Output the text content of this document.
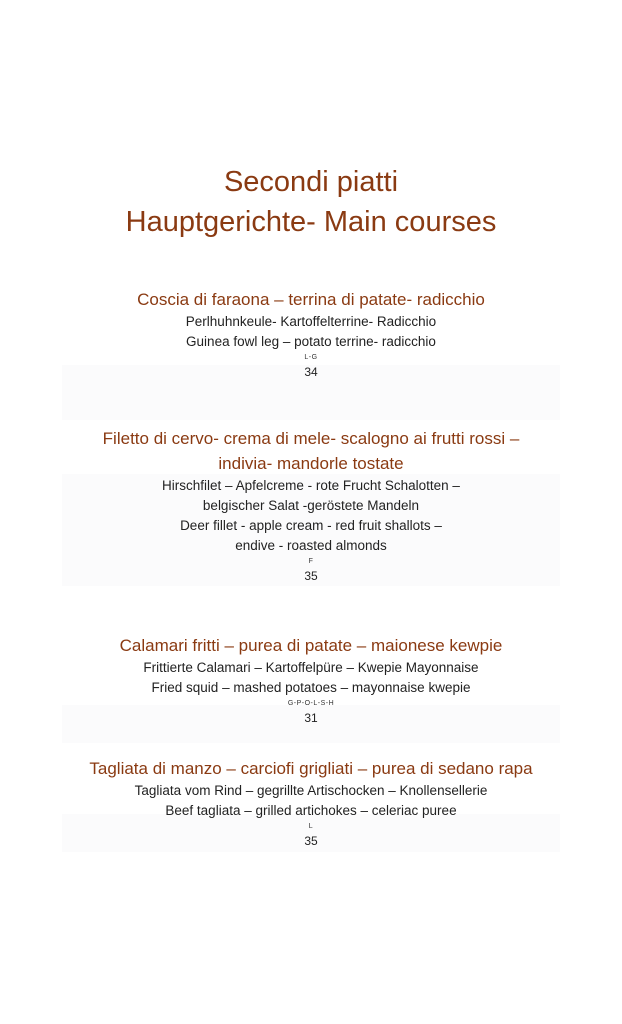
Secondi piatti
Hauptgerichte- Main courses
Coscia di faraona – terrina di patate- radicchio
Perlhuhnkeule- Kartoffelterrine- Radicchio
Guinea fowl leg – potato terrine- radicchio
L-G
34
Filetto di cervo- crema di mele- scalogno ai frutti rossi –
indivia- mandorle tostate
Hirschfilet – Apfelcreme - rote Frucht Schalotten –
belgischer Salat -geröstete Mandeln
Deer fillet - apple cream - red fruit shallots –
endive - roasted almonds
F
35
Calamari fritti – purea di patate – maionese kewpie
Frittierte Calamari – Kartoffelpüre – Kwepie Mayonnaise
Fried squid – mashed potatoes – mayonnaise kwepie
G-P-O-L-S-H
31
Tagliata di manzo – carciofi grigliati – purea di sedano rapa
Tagliata vom Rind – gegrillte Artischocken – Knollensellerie
Beef tagliata – grilled artichokes – celeriac puree
L
35
